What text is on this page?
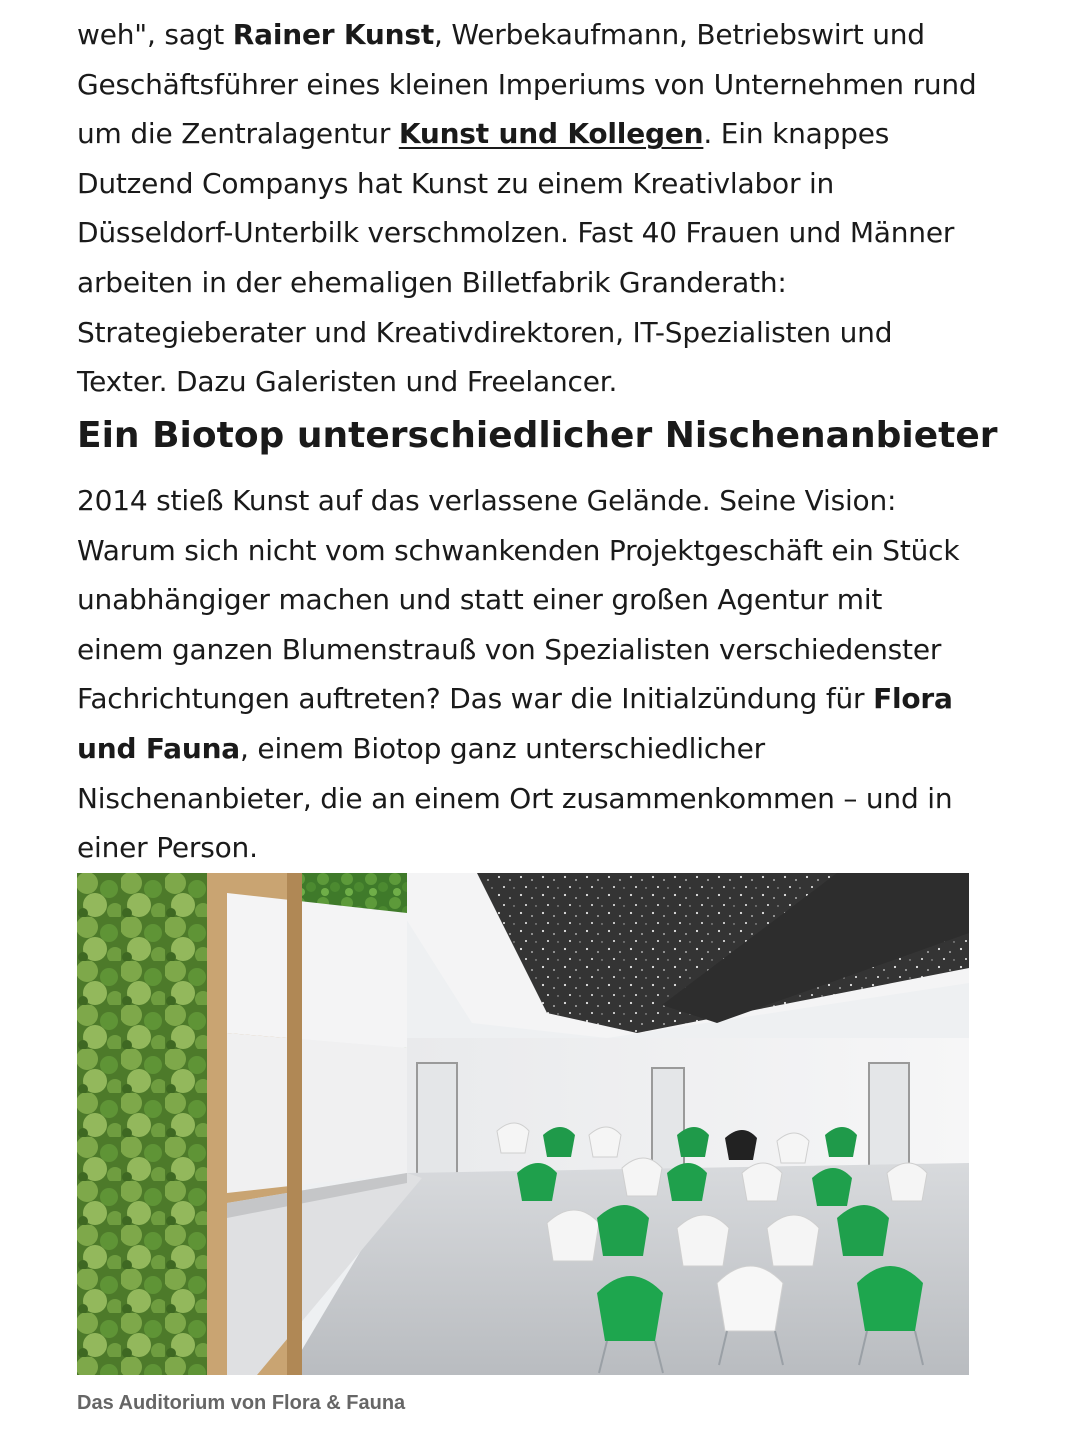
weh", sagt Rainer Kunst, Werbekaufmann, Betriebswirt und Geschäftsführer eines kleinen Imperiums von Unternehmen rund um die Zentralagentur Kunst und Kollegen. Ein knappes Dutzend Companys hat Kunst zu einem Kreativlabor in Düsseldorf-Unterbilk verschmolzen. Fast 40 Frauen und Männer arbeiten in der ehemaligen Billetfabrik Granderath: Strategieberater und Kreativdirektoren, IT-Spezialisten und Texter. Dazu Galeristen und Freelancer.

Ein Biotop unterschiedlicher Nischenanbieter

2014 stieß Kunst auf das verlassene Gelände. Seine Vision: Warum sich nicht vom schwankenden Projektgeschäft ein Stück unabhängiger machen und statt einer großen Agentur mit einem ganzen Blumenstrauß von Spezialisten verschiedenster Fachrichtungen auftreten? Das war die Initialzündung für Flora und Fauna, einem Biotop ganz unterschiedlicher Nischenanbieter, die an einem Ort zusammenkommen – und in einer Person.

Das Auditorium von Flora & Fauna
